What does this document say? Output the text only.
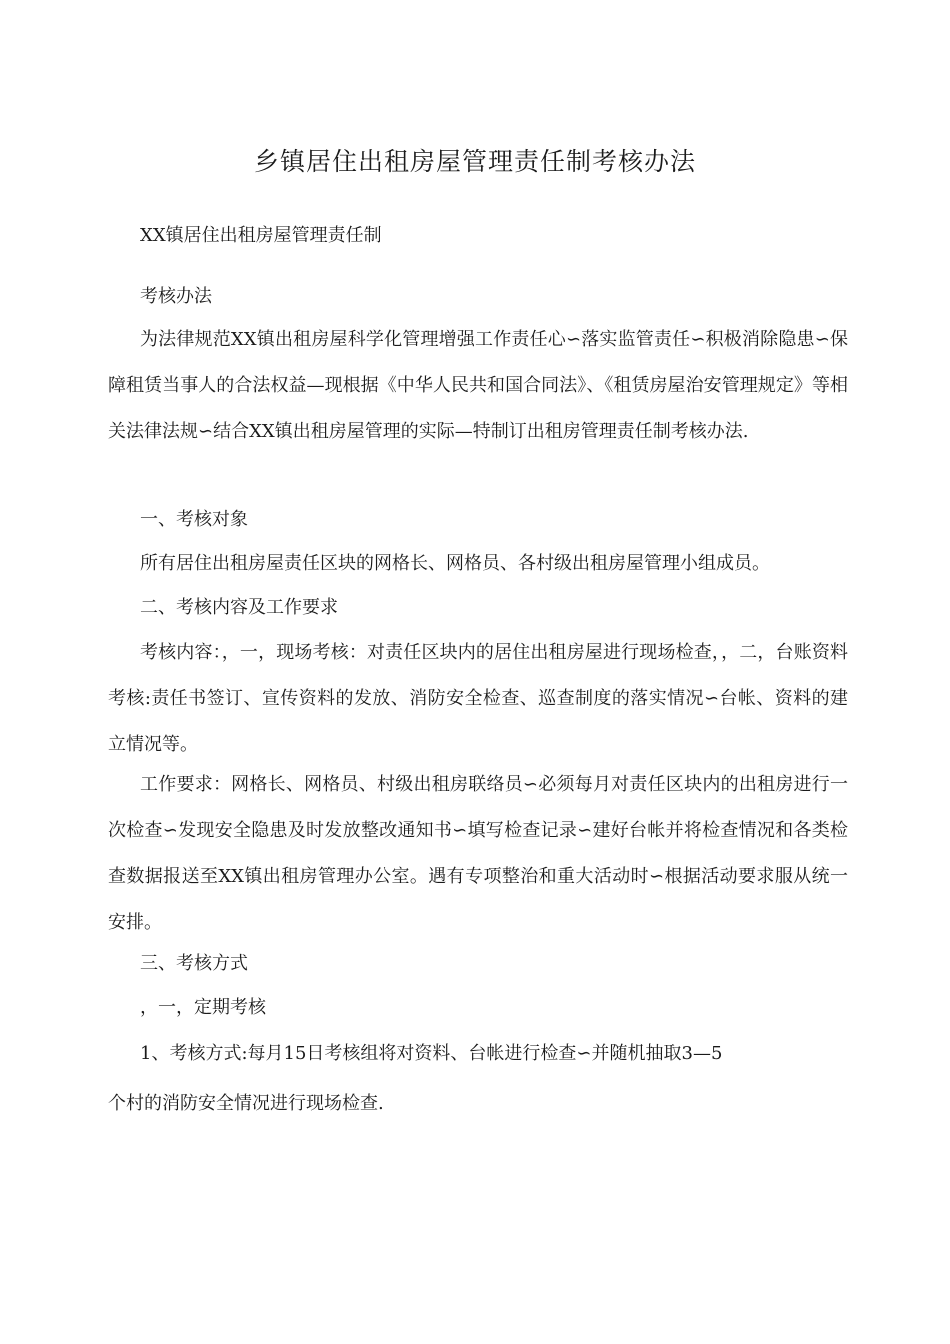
乡镇居住出租房屋管理责任制考核办法

XX镇居住出租房屋管理责任制

考核办法

为法律规范XX镇出租房屋科学化管理增强工作责任心∽落实监管责任∽积极消除隐患∽保障租赁当事人的合法权益—现根据《中华人民共和国合同法》、《租赁房屋治安管理规定》等相关法律法规∽结合XX镇出租房屋管理的实际—特制订出租房管理责任制考核办法.

一、考核对象

所有居住出租房屋责任区块的网格长、网格员、各村级出租房屋管理小组成员。

二、考核内容及工作要求

考核内容：，一，现场考核：对责任区块内的居住出租房屋进行现场检查，，二，台账资料考核:责任书签订、宣传资料的发放、消防安全检查、巡查制度的落实情况∽台帐、资料的建立情况等。

工作要求：网格长、网格员、村级出租房联络员∽必须每月对责任区块内的出租房进行一次检查∽发现安全隐患及时发放整改通知书∽填写检查记录∽建好台帐并将检查情况和各类检查数据报送至XX镇出租房管理办公室。遇有专项整治和重大活动时∽根据活动要求服从统一安排。

三、考核方式

，一，定期考核

1、考核方式:每月15日考核组将对资料、台帐进行检查∽并随机抽取3—5

个村的消防安全情况进行现场检查.
